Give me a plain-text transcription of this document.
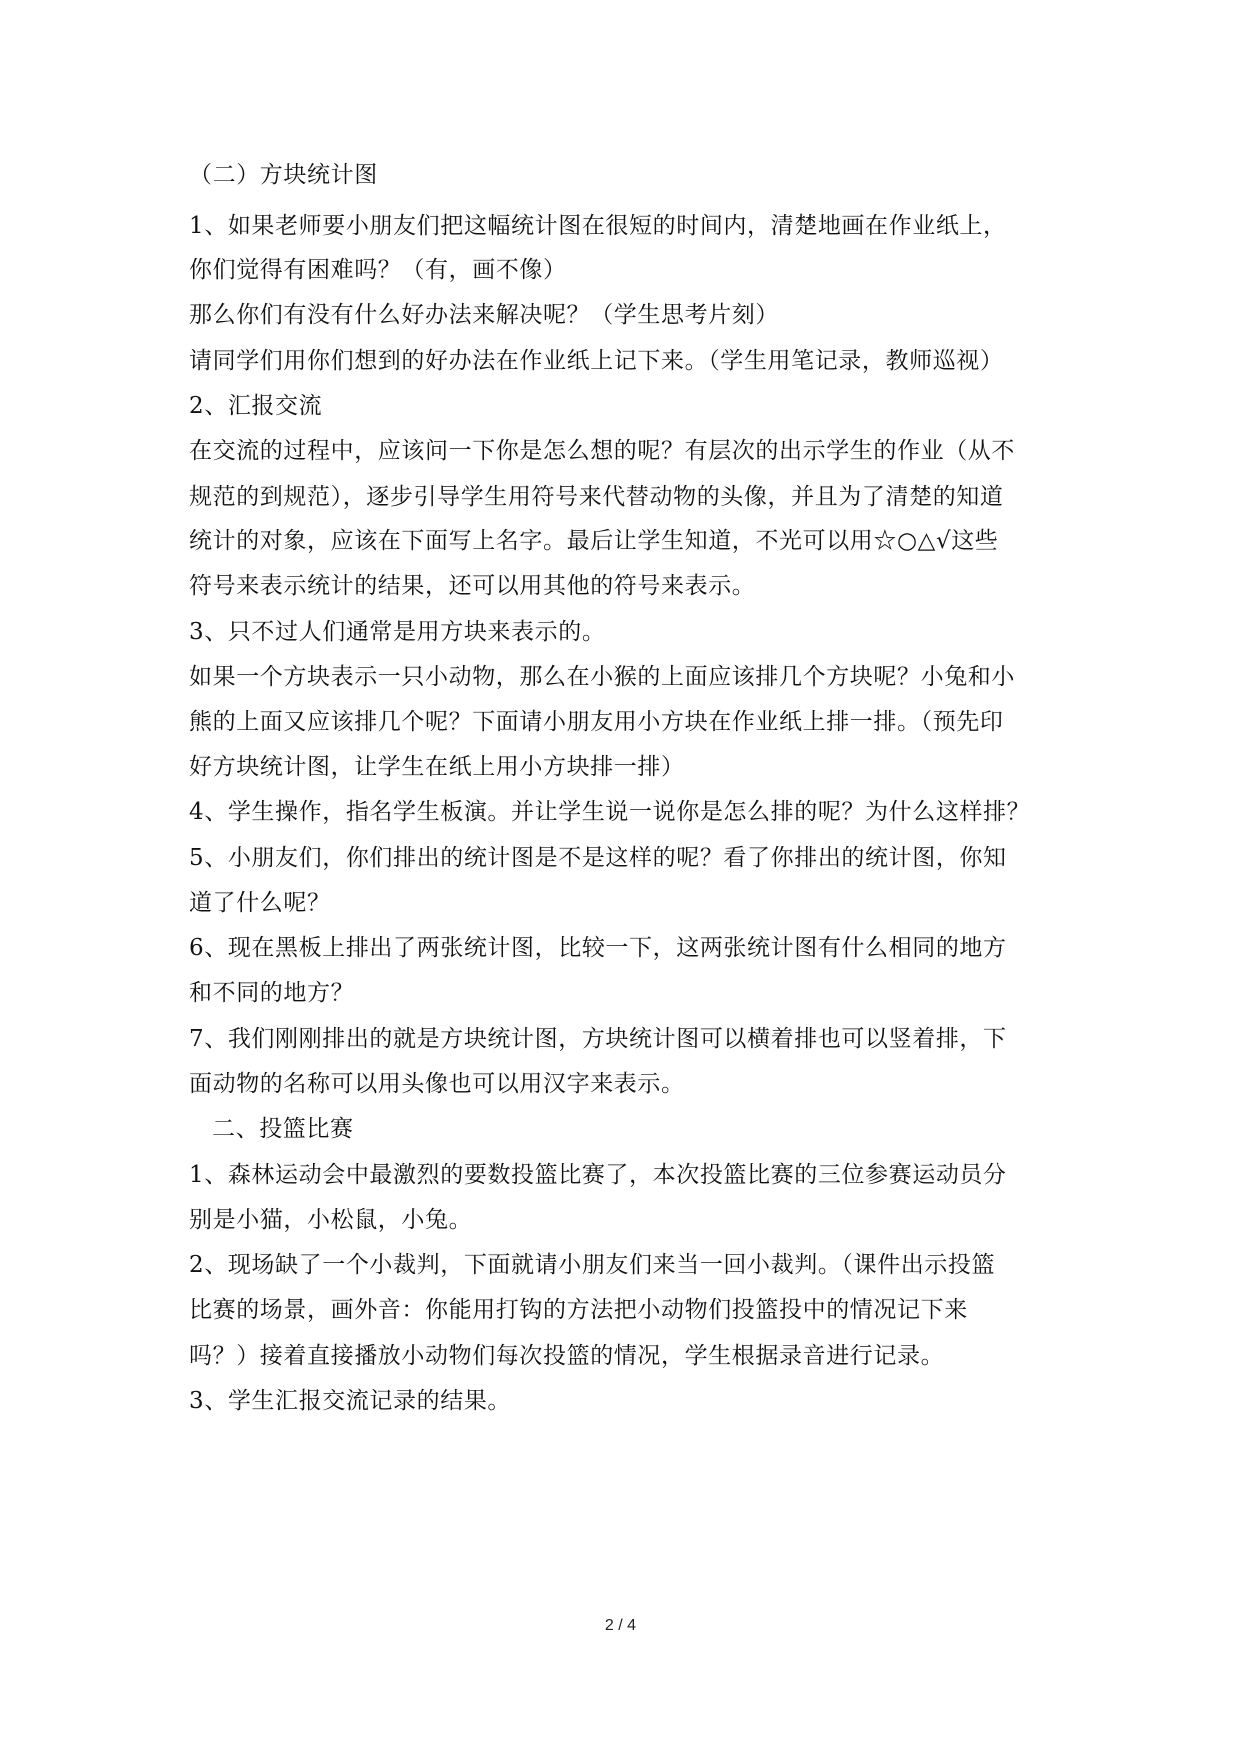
（二）方块统计图
1、如果老师要小朋友们把这幅统计图在很短的时间内，清楚地画在作业纸上，
你们觉得有困难吗？（有，画不像）
那么你们有没有什么好办法来解决呢？（学生思考片刻）
请同学们用你们想到的好办法在作业纸上记下来。（学生用笔记录，教师巡视）
2、汇报交流
在交流的过程中，应该问一下你是怎么想的呢？有层次的出示学生的作业（从不
规范的到规范），逐步引导学生用符号来代替动物的头像，并且为了清楚的知道
统计的对象，应该在下面写上名字。最后让学生知道，不光可以用☆○△√这些
符号来表示统计的结果，还可以用其他的符号来表示。
3、只不过人们通常是用方块来表示的。
如果一个方块表示一只小动物，那么在小猴的上面应该排几个方块呢？小兔和小
熊的上面又应该排几个呢？下面请小朋友用小方块在作业纸上排一排。（预先印
好方块统计图，让学生在纸上用小方块排一排）
4、学生操作，指名学生板演。并让学生说一说你是怎么排的呢？为什么这样排？
5、小朋友们，你们排出的统计图是不是这样的呢？看了你排出的统计图，你知
道了什么呢？
6、现在黑板上排出了两张统计图，比较一下，这两张统计图有什么相同的地方
和不同的地方？
7、我们刚刚排出的就是方块统计图，方块统计图可以横着排也可以竖着排，下
面动物的名称可以用头像也可以用汉字来表示。
二、投篮比赛
1、森林运动会中最激烈的要数投篮比赛了，本次投篮比赛的三位参赛运动员分
别是小猫，小松鼠，小兔。
2、现场缺了一个小裁判，下面就请小朋友们来当一回小裁判。（课件出示投篮
比赛的场景，画外音：你能用打钩的方法把小动物们投篮投中的情况记下来
吗？）接着直接播放小动物们每次投篮的情况，学生根据录音进行记录。
3、学生汇报交流记录的结果。
2 / 4
